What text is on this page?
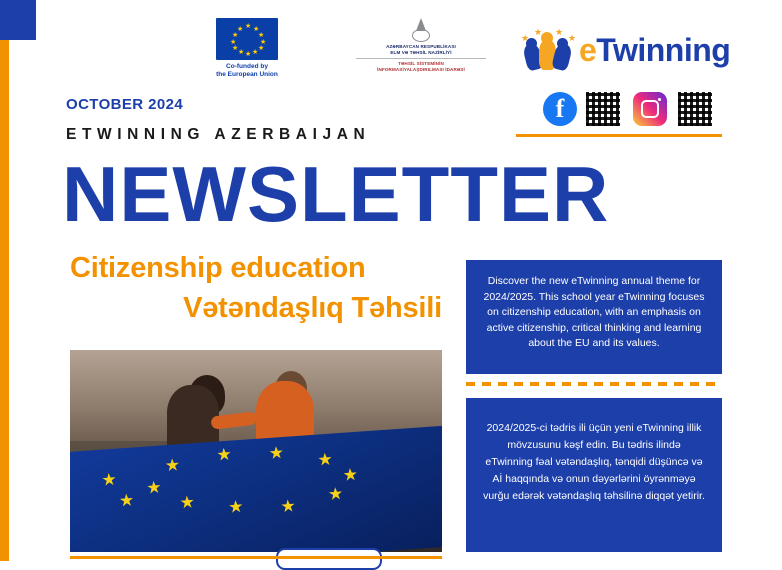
★ ★
★
★
★
★
★
★
★
★
★
★
Co-funded by
the European Union
AZƏRBAYCAN RESPUBLİKASI
ELM VƏ TƏHSİL NAZİRLİYİ
TƏHSİL SİSTEMİNİN
İNFORMASİYALAŞDIRILMASI İDARƏSİ
★
★ ★
★ eTwinning
f
OCTOBER 2024
ETWINNING AZERBAIJAN
NEWSLETTER
Citizenship education
Vətəndaşlıq Təhsili
★
★ ★ ★
★
★
★
★
★
★
★
★
Discover the new eTwinning annual theme for 2024/2025. This school year eTwinning focuses on citizenship education, with an emphasis on active citizenship, critical thinking and learning about the EU and its values.
2024/2025-ci tədris ili üçün yeni eTwinning illik mövzusunu kəşf edin. Bu tədris ilində eTwinning fəal vətəndaşlıq, tənqidi düşüncə və Aİ haqqında və onun dəyərlərini öyrənməyə vurğu edərək vətəndaşlıq təhsilinə diqqət yetirir.
